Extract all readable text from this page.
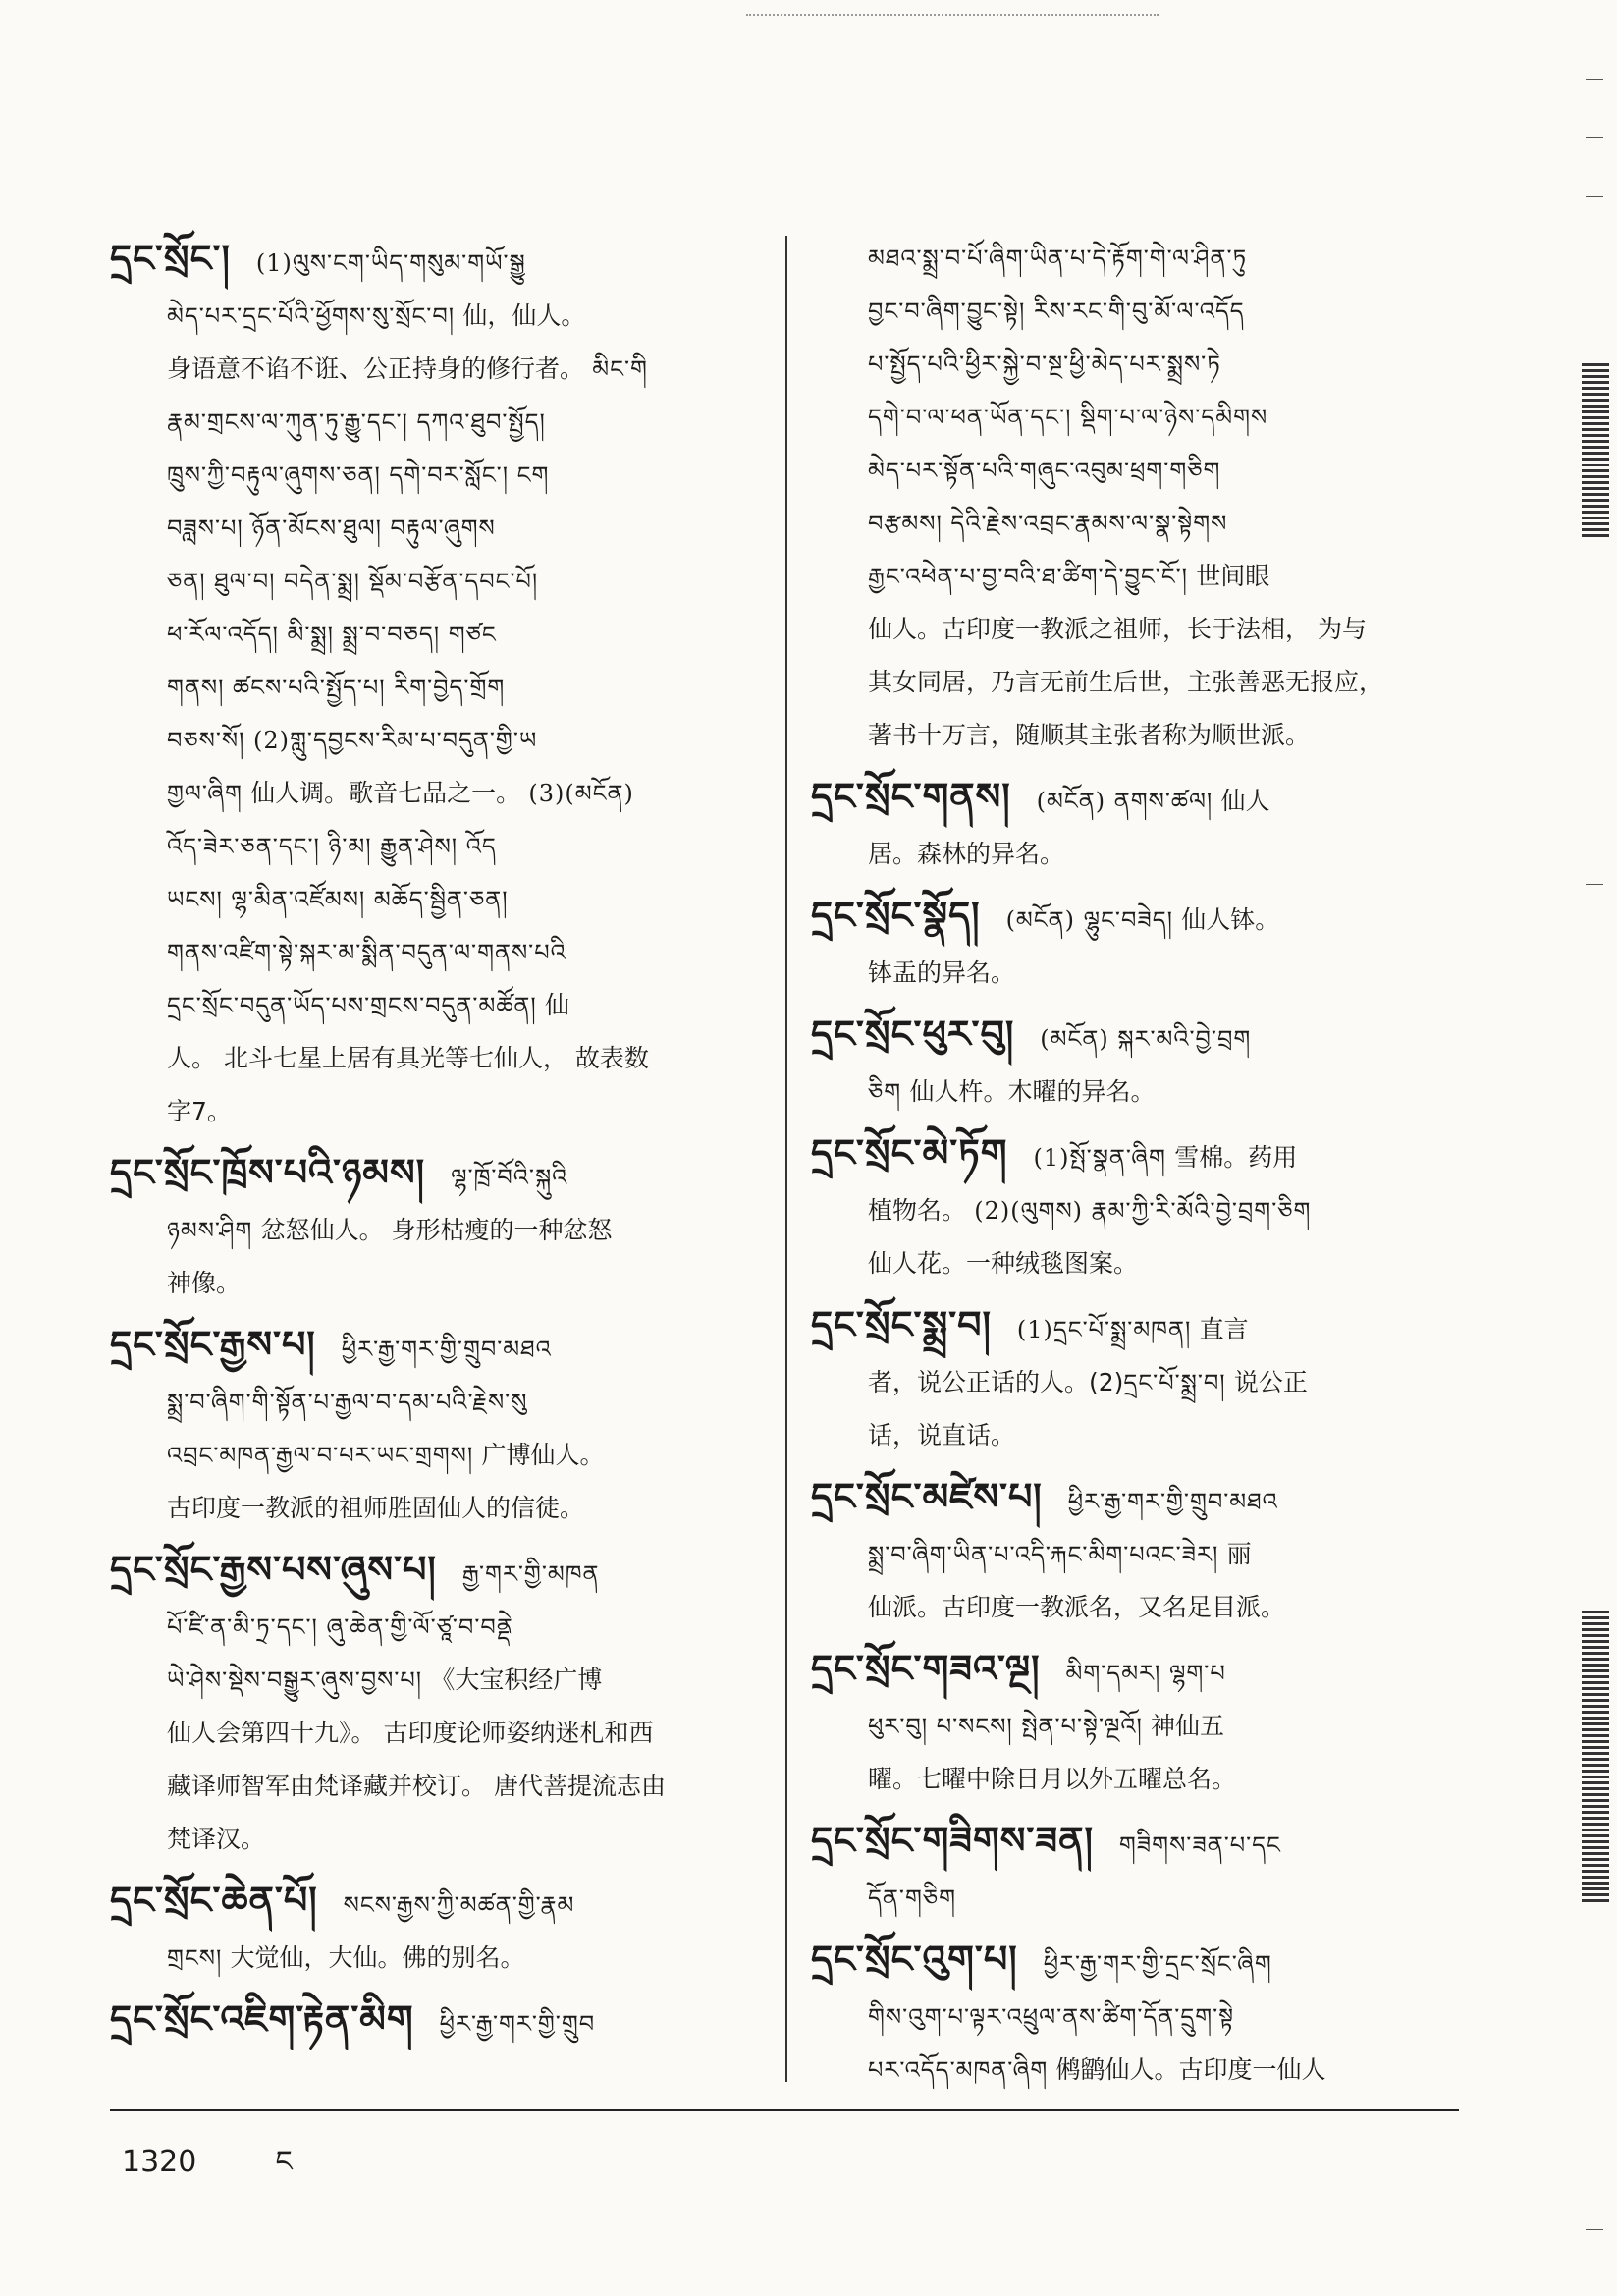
དྲང་སྲོང་། (1)ལུས་ངག་ཡིད་གསུམ་གཡོ་སྒྱུ
མེད་པར་དྲང་པོའི་ཕྱོགས་སུ་སྲོང་བ། 仙，仙人。
身语意不谄不诳、公正持身的修行者。 མིང་གི
རྣམ་གྲངས་ལ་ཀུན་ཏུ་རྒྱུ་དང་། དཀའ་ཐུབ་སྤྱོད།
ཁྲུས་ཀྱི་བརྟུལ་ཞུགས་ཅན། དགེ་བར་སློང་། ངག
བཟླས་པ། ཉོན་མོངས་ཐུལ། བརྟུལ་ཞུགས
ཅན། ཐུལ་བ། བདེན་སྨྲ། སྡོམ་བརྩོན་དབང་པོ།
ཕ་རོལ་འདོད། མི་སྨྲ། སྨྲ་བ་བཅད། གཙང
གནས། ཚངས་པའི་སྤྱོད་པ། རིག་བྱེད་གྲོག
བཅས་སོ། (2)གླུ་དབྱངས་རིམ་པ་བདུན་གྱི་ཡ
གྱལ་ཞིག 仙人调。歌音七品之一。 (3)(མངོན)
འོད་ཟེར་ཅན་དང་། ཉི་མ། རྒྱུན་ཤེས། འོད
ཡངས། ལྷ་མིན་འཛོམས། མཆོད་སྦྱིན་ཅན།
གནས་འཛིག་སྟེ་སྐར་མ་སྨིན་བདུན་ལ་གནས་པའི
དྲང་སྲོང་བདུན་ཡོད་པས་གྲངས་བདུན་མཚོན། 仙
人。 北斗七星上居有具光等七仙人， 故表数
字7。
དྲང་སྲོང་ཁྲོས་པའི་ཉམས། ལྷ་ཁྲོ་བོའི་སྐུའི
ཉམས་ཤིག 忿怒仙人。 身形枯瘦的一种忿怒
神像。
དྲང་སྲོང་རྒྱས་པ། ཕྱིར་རྒྱ་གར་གྱི་གྲུབ་མཐའ
སྨྲ་བ་ཞིག་གི་སྟོན་པ་རྒྱལ་བ་དམ་པའི་རྗེས་སུ
འབྲང་མཁན་རྒྱལ་བ་པར་ཡང་གྲགས། 广博仙人。
古印度一教派的祖师胜固仙人的信徒。
དྲང་སྲོང་རྒྱས་པས་ཞུས་པ། རྒྱ་གར་གྱི་མཁན
པོ་ཛི་ན་མི་ཏྲ་དང་། ཞུ་ཆེན་གྱི་ལོ་ཙཱ་བ་བནྡེ
ཡེ་ཤེས་སྡེས་བསྒྱུར་ཞུས་བྱས་པ། 《大宝积经广博
仙人会第四十九》。 古印度论师姿纳迷札和西
藏译师智军由梵译藏并校订。 唐代菩提流志由
梵译汉。
དྲང་སྲོང་ཆེན་པོ། སངས་རྒྱས་ཀྱི་མཚན་གྱི་རྣམ
གྲངས། 大觉仙，大仙。佛的别名。
དྲང་སྲོང་འཇིག་རྟེན་མིག ཕྱིར་རྒྱ་གར་གྱི་གྲུབ
མཐའ་སྨྲ་བ་པོ་ཞིག་ཡིན་པ་དེ་རྟོག་གེ་ལ་ཤིན་ཏུ
བྱང་བ་ཞིག་བྱུང་སྟེ། རིས་རང་གི་བུ་མོ་ལ་འདོད
པ་སྤྱོད་པའི་ཕྱིར་སྐྱེ་བ་སྔ་ཕྱི་མེད་པར་སྨྲས་ཏེ
དགེ་བ་ལ་ཕན་ཡོན་དང་། སྡིག་པ་ལ་ཉེས་དམིགས
མེད་པར་སྟོན་པའི་གཞུང་འབུམ་ཕྲག་གཅིག
བརྩམས། དེའི་རྗེས་འབྲང་རྣམས་ལ་སྣ་སྟེགས
རྒྱང་འཕེན་པ་བྱ་བའི་ཐ་ཚིག་དེ་བྱུང་ངོ་། 世间眼
仙人。古印度一教派之祖师，长于法相， 为与
其女同居，乃言无前生后世，主张善恶无报应，
著书十万言，随顺其主张者称为顺世派。
དྲང་སྲོང་གནས། (མངོན) ནགས་ཚལ། 仙人
居。森林的异名。
དྲང་སྲོང་སྣོད། (མངོན) ལྷུང་བཟེད། 仙人钵。
钵盂的异名。
དྲང་སྲོང་ཕུར་བུ། (མངོན) སྐར་མའི་བྱེ་བྲག
ཅིག 仙人杵。木曜的异名。
དྲང་སྲོང་མེ་ཏོག (1)སྤོ་སྣན་ཞིག 雪棉。药用
植物名。 (2)(ལུགས) རྣམ་ཀྱི་རི་མོའི་བྱེ་བྲག་ཅིག
仙人花。一种绒毯图案。
དྲང་སྲོང་སྨྲ་བ། (1)དྲང་པོ་སྨྲ་མཁན། 直言
者，说公正话的人。(2)དྲང་པོ་སྨྲ་བ། 说公正
话，说直话。
དྲང་སྲོང་མཛེས་པ། ཕྱིར་རྒྱ་གར་གྱི་གྲུབ་མཐའ
སྨྲ་བ་ཞིག་ཡིན་པ་འདི་རྐང་མིག་པའང་ཟེར། 丽
仙派。古印度一教派名，又名足目派。
དྲང་སྲོང་གཟའ་ལྔ། མིག་དམར། ལྷག་པ
ཕུར་བུ། པ་སངས། སྤེན་པ་སྟེ་ལྔའོ། 神仙五
曜。七曜中除日月以外五曜总名。
དྲང་སྲོང་གཟིགས་ཟན། གཟིགས་ཟན་པ་དང
དོན་གཅིག
དྲང་སྲོང་འུག་པ། ཕྱིར་རྒྱ་གར་གྱི་དྲང་སྲོང་ཞིག
གིས་འུག་པ་ལྟར་འཕྲུལ་ནས་ཚིག་དོན་དྲུག་སྟེ
པར་འདོད་མཁན་ཞིག 鸺鹠仙人。古印度一仙人
1320	ང
